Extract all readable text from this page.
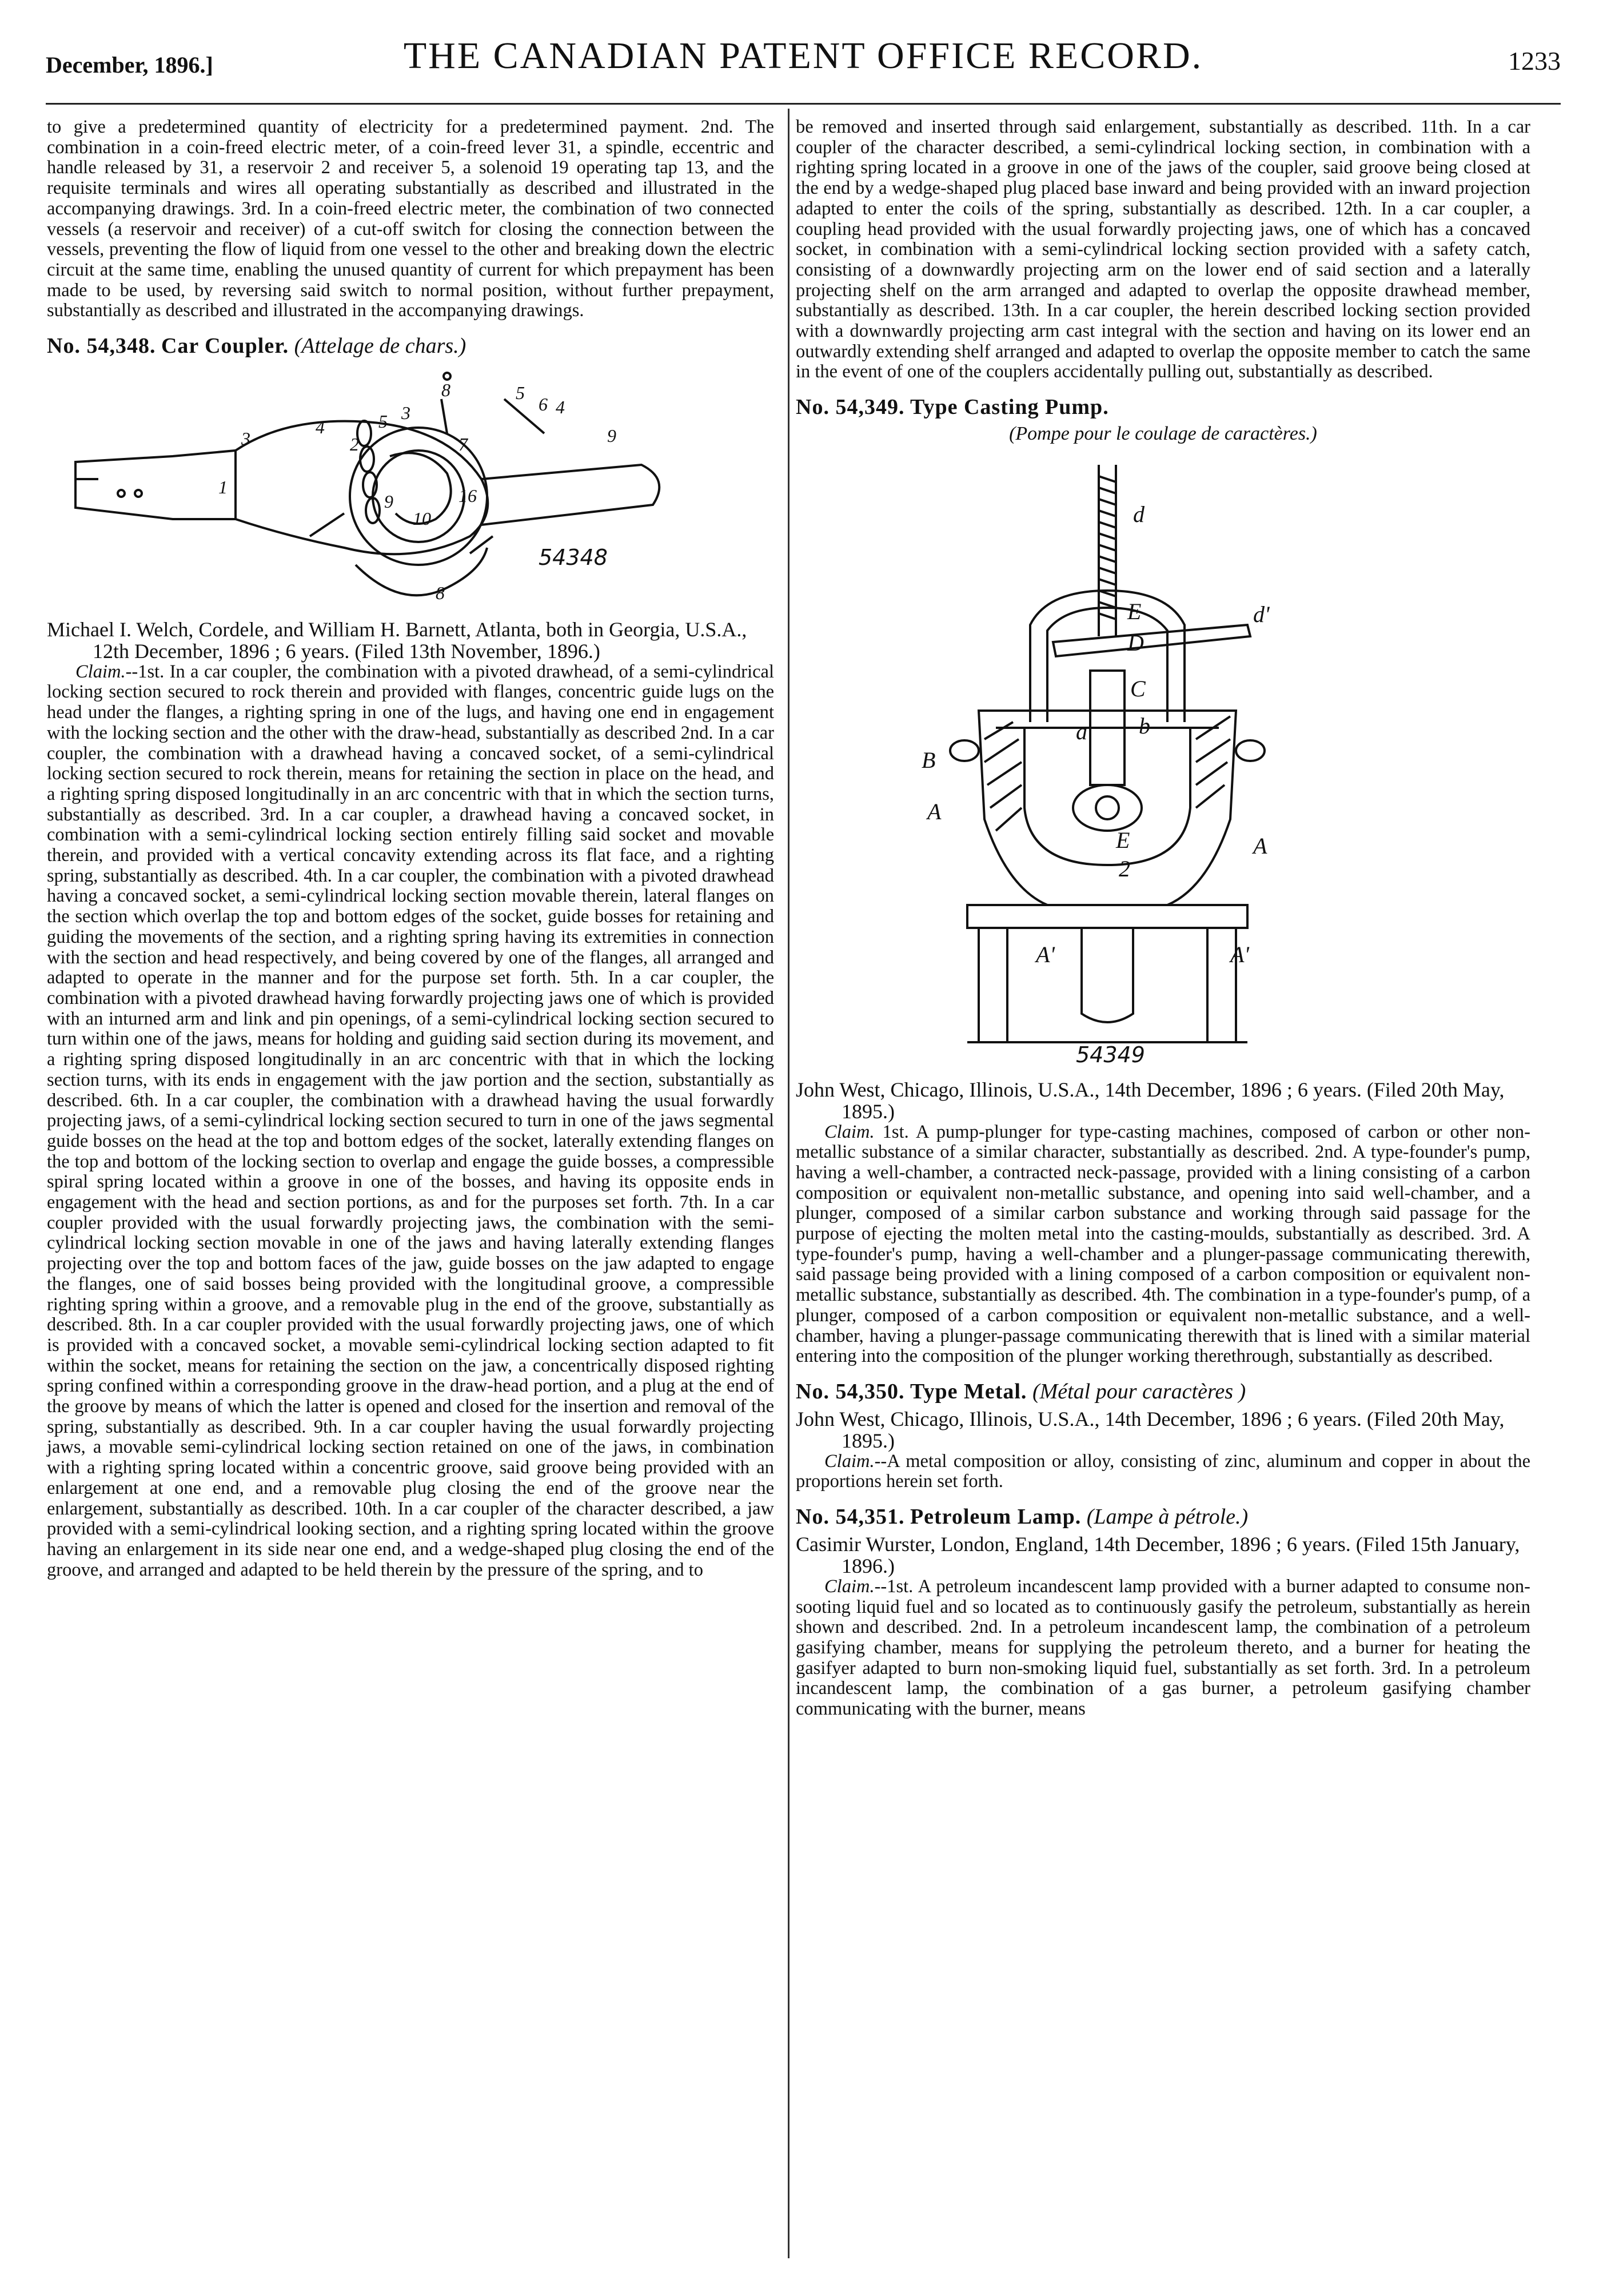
December, 1896.]	THE CANADIAN PATENT OFFICE RECORD.	1233

to give a predetermined quantity of electricity for a predetermined payment. 2nd. The combination in a coin-freed electric meter, of a coin-freed lever 31, a spindle, eccentric and handle released by 31, a reservoir 2 and receiver 5, a solenoid 19 operating tap 13, and the requisite terminals and wires all operating substantially as described and illustrated in the accompanying drawings. 3rd. In a coin-freed electric meter, the combination of two connected vessels (a reservoir and receiver) of a cut-off switch for closing the connection between the vessels, preventing the flow of liquid from one vessel to the other and breaking down the electric circuit at the same time, enabling the unused quantity of current for which prepayment has been made to be used, by reversing said switch to normal position, without further prepayment, substantially as described and illustrated in the accompanying drawings.

No. 54,348. Car Coupler. (Attelage de chars.)
8	5
6 4
4	5 3
3	2	7
1	16
10
9
8
9
54348

Michael I. Welch, Cordele, and William H. Barnett, Atlanta, both in Georgia, U.S.A., 12th December, 1896 ; 6 years. (Filed 13th November, 1896.)

Claim.--1st. In a car coupler, the combination with a pivoted drawhead, of a semi-cylindrical locking section secured to rock therein and provided with flanges, concentric guide lugs on the head under the flanges, a righting spring in one of the lugs, and having one end in engagement with the locking section and the other with the draw-head, substantially as described 2nd. In a car coupler, the combination with a drawhead having a concaved socket, of a semi-cylindrical locking section secured to rock therein, means for retaining the section in place on the head, and a righting spring disposed longitudinally in an arc concentric with that in which the section turns, substantially as described. 3rd. In a car coupler, a drawhead having a concaved socket, in combination with a semi-cylindrical locking section entirely filling said socket and movable therein, and provided with a vertical concavity extending across its flat face, and a righting spring, substantially as described. 4th. In a car coupler, the combination with a pivoted drawhead having a concaved socket, a semi-cylindrical locking section movable therein, lateral flanges on the section which overlap the top and bottom edges of the socket, guide bosses for retaining and guiding the movements of the section, and a righting spring having its extremities in connection with the section and head respectively, and being covered by one of the flanges, all arranged and adapted to operate in the manner and for the purpose set forth. 5th. In a car coupler, the combination with a pivoted drawhead having forwardly projecting jaws one of which is provided with an inturned arm and link and pin openings, of a semi-cylindrical locking section secured to turn within one of the jaws, means for holding and guiding said section during its movement, and a righting spring disposed longitudinally in an arc concentric with that in which the locking section turns, with its ends in engagement with the jaw portion and the section, substantially as described. 6th. In a car coupler, the combination with a drawhead having the usual forwardly projecting jaws, of a semi-cylindrical locking section secured to turn in one of the jaws segmental guide bosses on the head at the top and bottom edges of the socket, laterally extending flanges on the top and bottom of the locking section to overlap and engage the guide bosses, a compressible spiral spring located within a groove in one of the bosses, and having its opposite ends in engagement with the head and section portions, as and for the purposes set forth. 7th. In a car coupler provided with the usual forwardly projecting jaws, the combination with the semi-cylindrical locking section movable in one of the jaws and having laterally extending flanges projecting over the top and bottom faces of the jaw, guide bosses on the jaw adapted to engage the flanges, one of said bosses being provided with the longitudinal groove, a compressible righting spring within a groove, and a removable plug in the end of the groove, substantially as described. 8th. In a car coupler provided with the usual forwardly projecting jaws, one of which is provided with a concaved socket, a movable semi-cylindrical locking section adapted to fit within the socket, means for retaining the section on the jaw, a concentrically disposed righting spring confined within a corresponding groove in the draw-head portion, and a plug at the end of the groove by means of which the latter is opened and closed for the insertion and removal of the spring, substantially as described. 9th. In a car coupler having the usual forwardly projecting jaws, a movable semi-cylindrical locking section retained on one of the jaws, in combination with a righting spring located within a concentric groove, said groove being provided with an enlargement at one end, and a removable plug closing the end of the groove near the enlargement, substantially as described. 10th. In a car coupler of the character described, a jaw provided with a semi-cylindrical looking section, and a righting spring located within the groove having an enlargement in its side near one end, and a wedge-shaped plug closing the end of the groove, and arranged and adapted to be held therein by the pressure of the spring, and to

be removed and inserted through said enlargement, substantially as described. 11th. In a car coupler of the character described, a semi-cylindrical locking section, in combination with a righting spring located in a groove in one of the jaws of the coupler, said groove being closed at the end by a wedge-shaped plug placed base inward and being provided with an inward projection adapted to enter the coils of the spring, substantially as described. 12th. In a car coupler, a coupling head provided with the usual forwardly projecting jaws, one of which has a concaved socket, in combination with a semi-cylindrical locking section provided with a safety catch, consisting of a downwardly projecting arm on the lower end of said section and a laterally projecting shelf on the arm arranged and adapted to overlap the opposite drawhead member, substantially as described. 13th. In a car coupler, the herein described locking section provided with a downwardly projecting arm cast integral with the section and having on its lower end an outwardly extending shelf arranged and adapted to overlap the opposite member to catch the same in the event of one of the couplers accidentally pulling out, substantially as described.

No. 54,349. Type Casting Pump.
(Pompe pour le coulage de caractères.)
d
d'
E
D
C
a b
B
A
E	A
2
A'	A'
54349

John West, Chicago, Illinois, U.S.A., 14th December, 1896 ; 6 years. (Filed 20th May, 1895.)

Claim. 1st. A pump-plunger for type-casting machines, composed of carbon or other non-metallic substance of a similar character, substantially as described. 2nd. A type-founder's pump, having a well-chamber, a contracted neck-passage, provided with a lining consisting of a carbon composition or equivalent non-metallic substance, and opening into said well-chamber, and a plunger, composed of a similar carbon substance and working through said passage for the purpose of ejecting the molten metal into the casting-moulds, substantially as described. 3rd. A type-founder's pump, having a well-chamber and a plunger-passage communicating therewith, said passage being provided with a lining composed of a carbon composition or equivalent non-metallic substance, substantially as described. 4th. The combination in a type-founder's pump, of a plunger, composed of a carbon composition or equivalent non-metallic substance, and a well-chamber, having a plunger-passage communicating therewith that is lined with a similar material entering into the composition of the plunger working therethrough, substantially as described.

No. 54,350. Type Metal. (Métal pour caractères )

John West, Chicago, Illinois, U.S.A., 14th December, 1896 ; 6 years. (Filed 20th May, 1895.)

Claim.--A metal composition or alloy, consisting of zinc, aluminum and copper in about the proportions herein set forth.

No. 54,351. Petroleum Lamp. (Lampe à pétrole.)

Casimir Wurster, London, England, 14th December, 1896 ; 6 years. (Filed 15th January, 1896.)

Claim.--1st. A petroleum incandescent lamp provided with a burner adapted to consume non-sooting liquid fuel and so located as to continuously gasify the petroleum, substantially as herein shown and described. 2nd. In a petroleum incandescent lamp, the combination of a petroleum gasifying chamber, means for supplying the petroleum thereto, and a burner for heating the gasifyer adapted to burn non-smoking liquid fuel, substantially as set forth. 3rd. In a petroleum incandescent lamp, the combination of a gas burner, a petroleum gasifying chamber communicating with the burner, means
